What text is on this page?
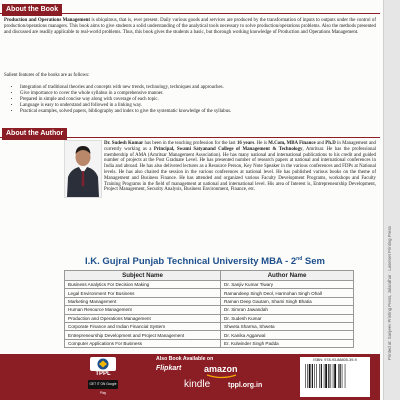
Printed at: Sanjeev Printing Press, Jalandhar · Laserset Printing Press
About the Book
Production and Operations Management is ubiquitous, that is, ever present. Daily various goods and services are produced by the transformation of inputs to outputs under the control of production/operations managers. This book aims to give students a solid understanding of the analytical tools necessary to solve production/operations problems. Also the methods presented and discussed are readily applicable to real-world problems. Thus, this book gives the students a basic, but thorough working knowledge of Production and Operations Management.
Salient features of the books are as follows:
• Integration of traditional theories and concepts with new trends, technology, techniques and approaches.
• Give importance to cover the whole syllabus in a comprehensive manner.
• Prepared in simple and concise way along with coverage of each topic.
• Language is easy to understand and followed in a linking way.
• Practical examples, solved papers, bibliography and index to give the systematic knowledge of the syllabus.
About the Author
Dr. Sudesh Kumar has been in the teaching profession for the last 16 years. He is M.Com, MBA Finance and Ph.D in Management and currently working as a Principal, Swami Satyanand College of Management & Technology, Amritsar. He has the professional membership of AMA (Amritsar Management Association). He has many national and international publications to his credit and guided number of projects at the Post Graduate Level. He has presented number of research papers at national and international conferences in India and abroad. He has also delivered lectures as a Resource Person, Key Note Speaker in the various conferences and FDPs at National levels. He has also chaired the session in the various conferences at national level. He has published various books on the theme of Management and Business Finance. He has attended and organized various Faculty Development Programs, workshops and Faculty Training Programs in the field of management at national and international level. His area of Interest is, Entrepreneurship Development, Project Management, Security Analysis, Business Environment, Finance, etc.
I.K. Gujral Punjab Technical University MBA - 2nd Sem
Subject Name	Author Name
Business Analytics For Decision Making	Dr. Sanjiv Kumar Tiwary
Legal Environment For Business	Ramandeep Singh Deol, Harmohan Singh Ohall
Marketing Management	Raman Deep Gautam, Shami Singh Bhatia
Human Resource Management	Dr. Simran Jawandah
Production and Operations Management	Dr. Sudesh Kumar
Corporate Finance and Indian Financial System	Shweta Sharma, Shweta
Entrepreneurship Development and Project Management	Dr. Kanika Aggarwal
Computer Applications For Business	Er. Kulwinder Singh Padda
TPPL
GET IT ON Google Play
Also Book Available on
Flipkart	amazon
kindle	tppl.org.in
ISBN: 978-93-88805-39-9
